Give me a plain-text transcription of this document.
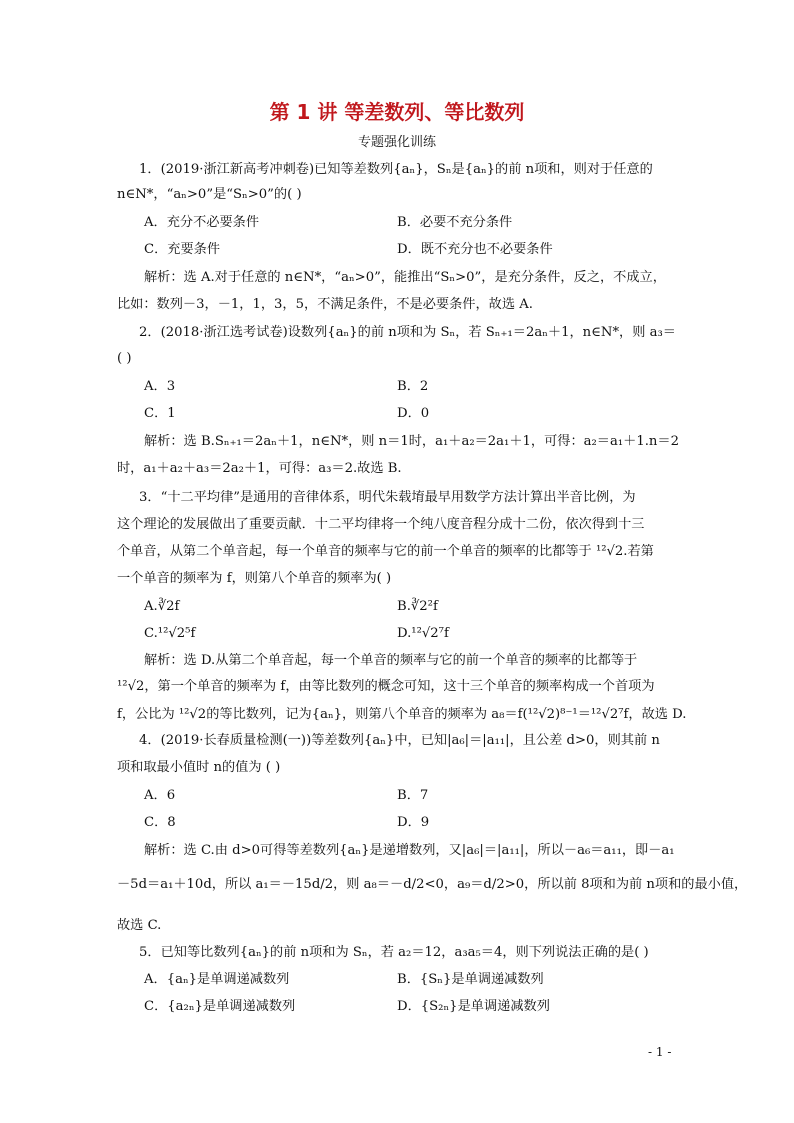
第 1 讲 等差数列、等比数列
专题强化训练
1．(2019·浙江新高考冲刺卷)已知等差数列{aₙ}，Sₙ是{aₙ}的前 n项和，则对于任意的
n∈N*，“aₙ>0”是“Sₙ>0”的( )
A．充分不必要条件	B．必要不充分条件
C．充要条件	D．既不充分也不必要条件
解析：选 A.对于任意的 n∈N*，“aₙ>0”，能推出“Sₙ>0”，是充分条件，反之，不成立，
比如：数列－3，－1，1，3，5，不满足条件，不是必要条件，故选 A.
2．(2018·浙江选考试卷)设数列{aₙ}的前 n项和为 Sₙ，若 Sₙ₊₁＝2aₙ＋1，n∈N*，则 a₃＝
( )
A．3	B．2
C．1	D．0
解析：选 B.Sₙ₊₁＝2aₙ＋1，n∈N*，则 n＝1时，a₁＋a₂＝2a₁＋1，可得：a₂＝a₁＋1.n＝2
时，a₁＋a₂＋a₃＝2a₂＋1，可得：a₃＝2.故选 B.
3．“十二平均律”是通用的音律体系，明代朱载堉最早用数学方法计算出半音比例，为
这个理论的发展做出了重要贡献．十二平均律将一个纯八度音程分成十二份，依次得到十三
个单音，从第二个单音起，每一个单音的频率与它的前一个单音的频率的比都等于 ¹²√2.若第
一个单音的频率为 f，则第八个单音的频率为( )
A.∛2f	B.∛2²f
C.¹²√2⁵f	D.¹²√2⁷f
解析：选 D.从第二个单音起，每一个单音的频率与它的前一个单音的频率的比都等于
¹²√2，第一个单音的频率为 f，由等比数列的概念可知，这十三个单音的频率构成一个首项为
f，公比为 ¹²√2的等比数列，记为{aₙ}，则第八个单音的频率为 a₈＝f(¹²√2)⁸⁻¹＝¹²√2⁷f，故选 D.
4．(2019·长春质量检测(一))等差数列{aₙ}中，已知|a₆|＝|a₁₁|，且公差 d>0，则其前 n
项和取最小值时 n的值为 ( )
A．6	B．7
C．8	D．9
解析：选 C.由 d>0可得等差数列{aₙ}是递增数列，又|a₆|＝|a₁₁|，所以－a₆＝a₁₁，即－a₁
－5d＝a₁＋10d，所以 a₁＝－15d/2，则 a₈＝－d/2<0，a₉＝d/2>0，所以前 8项和为前 n项和的最小值，
故选 C.
5．已知等比数列{aₙ}的前 n项和为 Sₙ，若 a₂＝12，a₃a₅＝4，则下列说法正确的是( )
A．{aₙ}是单调递减数列	B．{Sₙ}是单调递减数列
C．{a₂ₙ}是单调递减数列	D．{S₂ₙ}是单调递减数列
- 1 -
